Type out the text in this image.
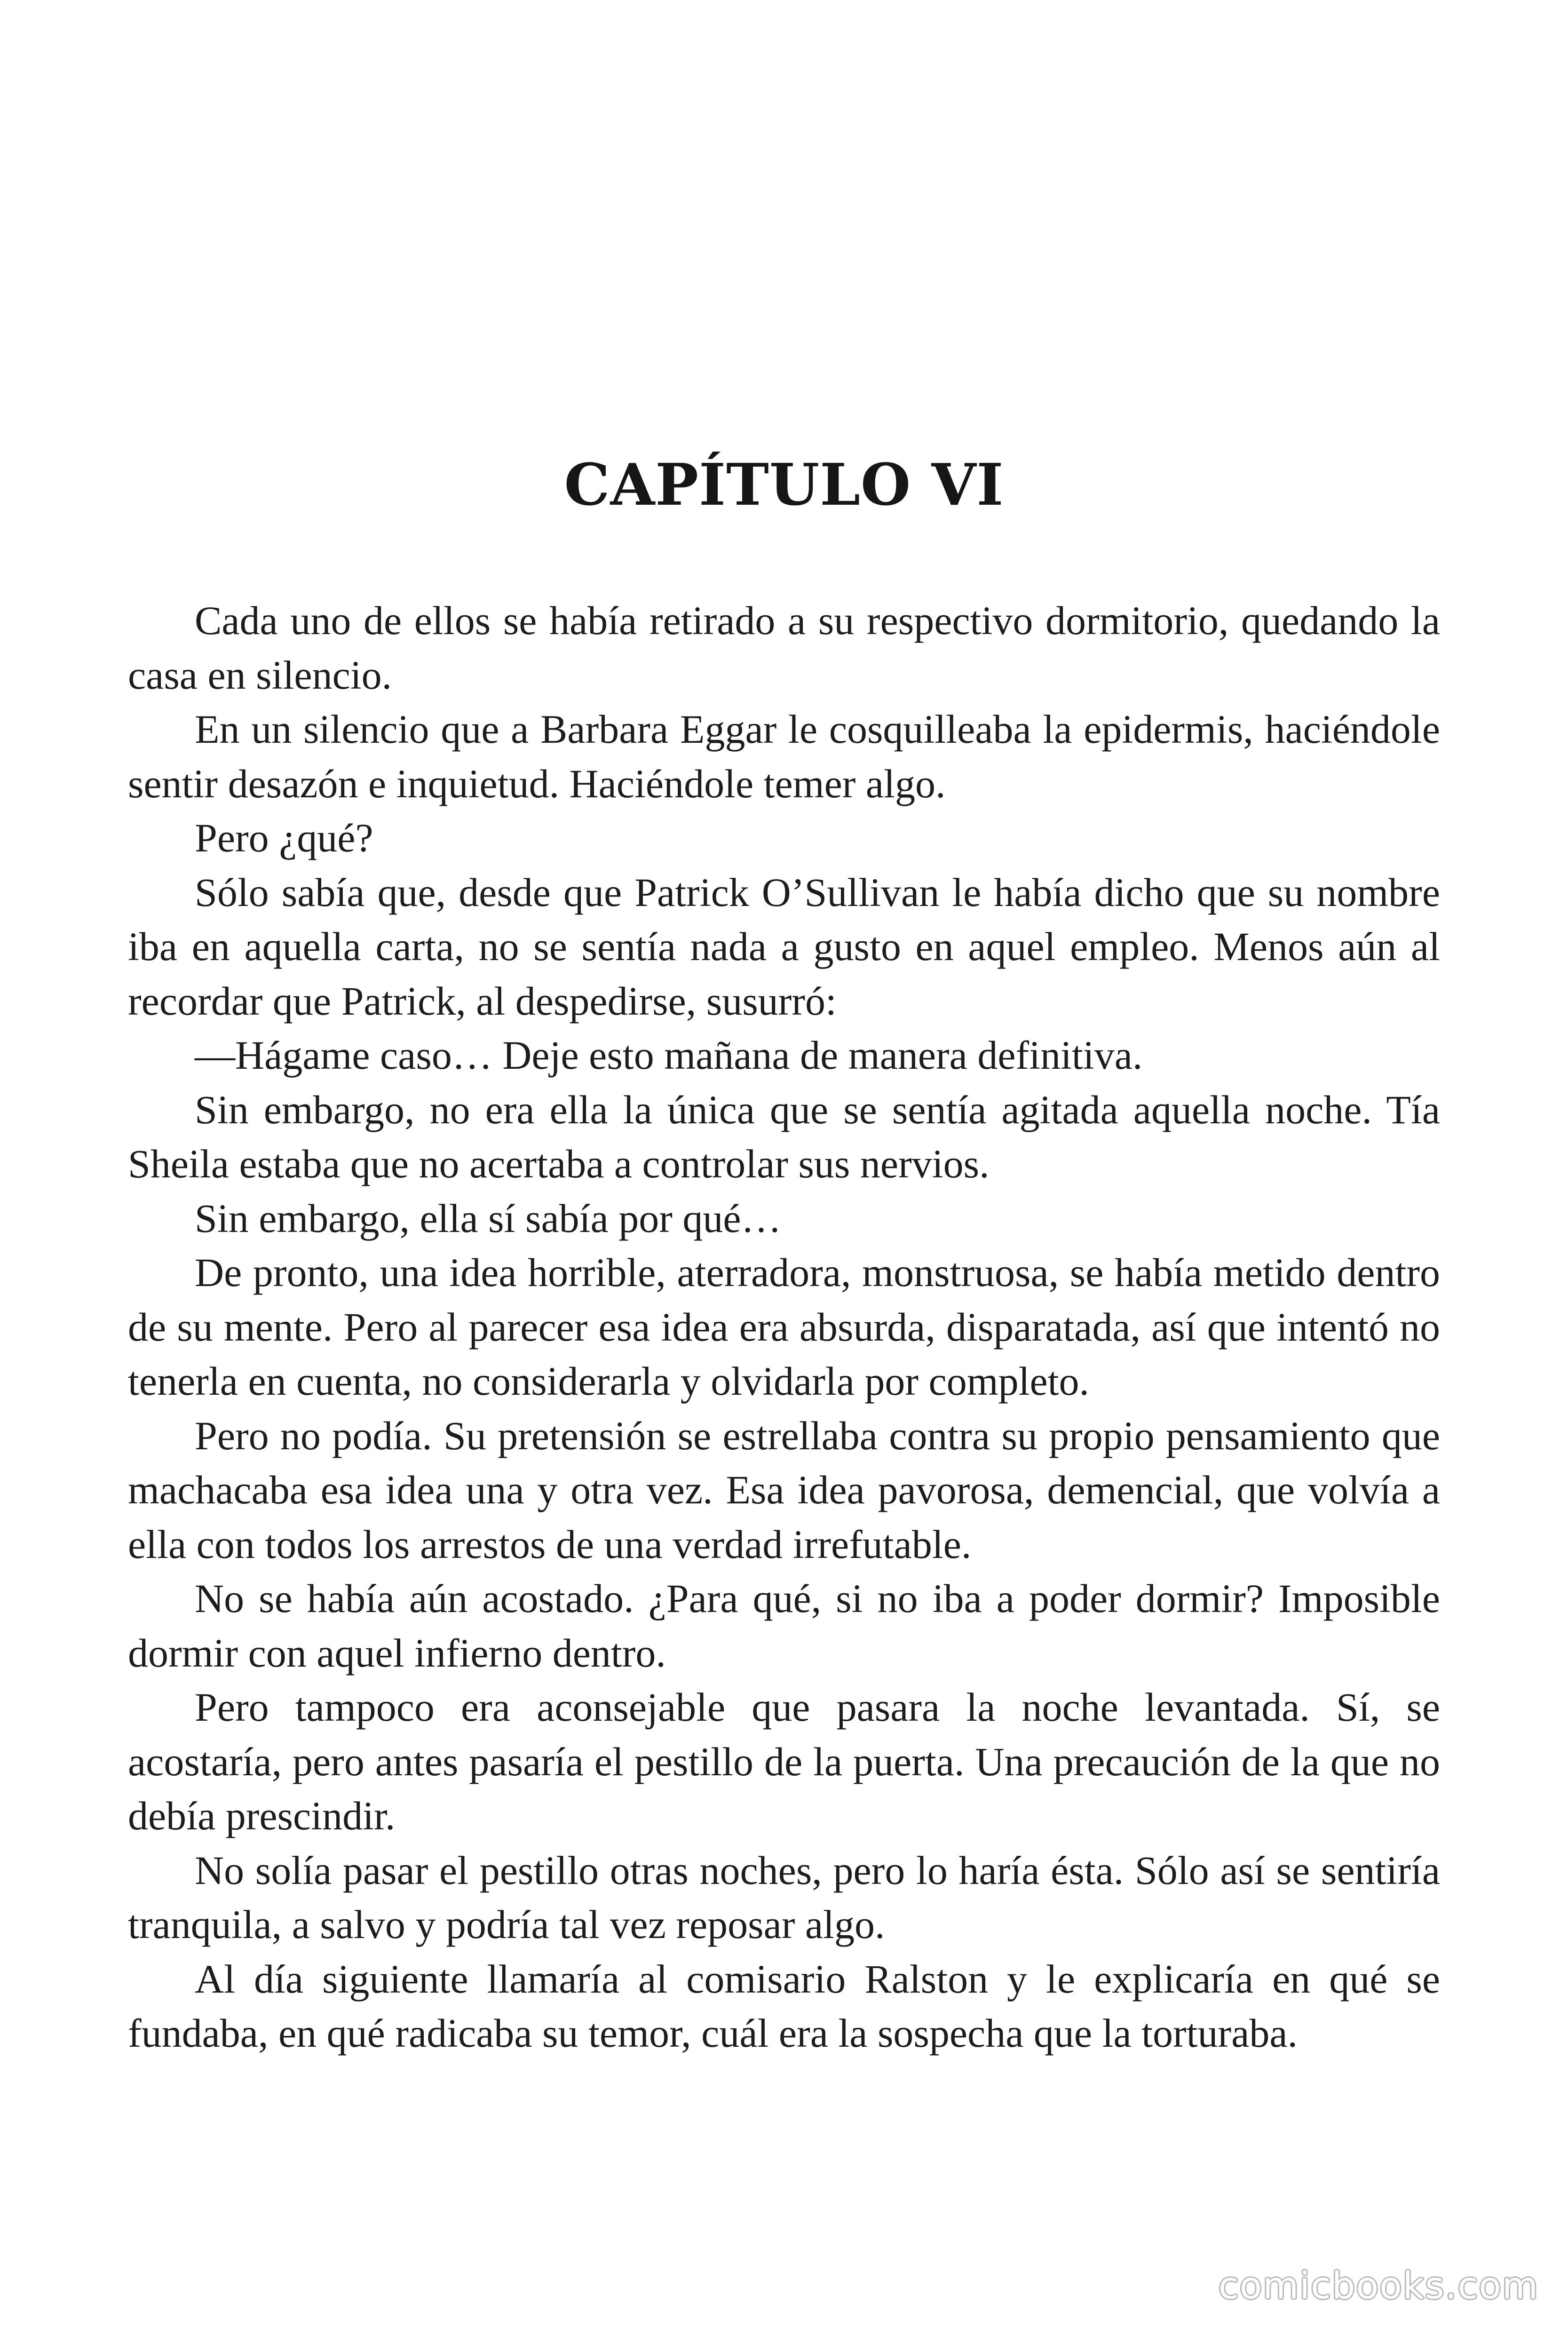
CAPÍTULO VI

Cada uno de ellos se había retirado a su respectivo dormitorio, quedando la casa en silencio.

En un silencio que a Barbara Eggar le cosquilleaba la epidermis, haciéndole sentir desazón e inquietud. Haciéndole temer algo.

Pero ¿qué?

Sólo sabía que, desde que Patrick O’Sullivan le había dicho que su nombre iba en aquella carta, no se sentía nada a gusto en aquel empleo. Menos aún al recordar que Patrick, al despedirse, susurró:

—Hágame caso… Deje esto mañana de manera definitiva.

Sin embargo, no era ella la única que se sentía agitada aquella noche. Tía Sheila estaba que no acertaba a controlar sus nervios.

Sin embargo, ella sí sabía por qué…

De pronto, una idea horrible, aterradora, monstruosa, se había metido dentro de su mente. Pero al parecer esa idea era absurda, disparatada, así que intentó no tenerla en cuenta, no considerarla y olvidarla por completo.

Pero no podía. Su pretensión se estrellaba contra su propio pensamiento que machacaba esa idea una y otra vez. Esa idea pavorosa, demencial, que volvía a ella con todos los arrestos de una verdad irrefutable.

No se había aún acostado. ¿Para qué, si no iba a poder dormir? Imposible dormir con aquel infierno dentro.

Pero tampoco era aconsejable que pasara la noche levantada. Sí, se acostaría, pero antes pasaría el pestillo de la puerta. Una precaución de la que no debía prescindir.

No solía pasar el pestillo otras noches, pero lo haría ésta. Sólo así se sentiría tranquila, a salvo y podría tal vez reposar algo.

Al día siguiente llamaría al comisario Ralston y le explicaría en qué se fundaba, en qué radicaba su temor, cuál era la sospecha que la torturaba.

comicbooks.com
